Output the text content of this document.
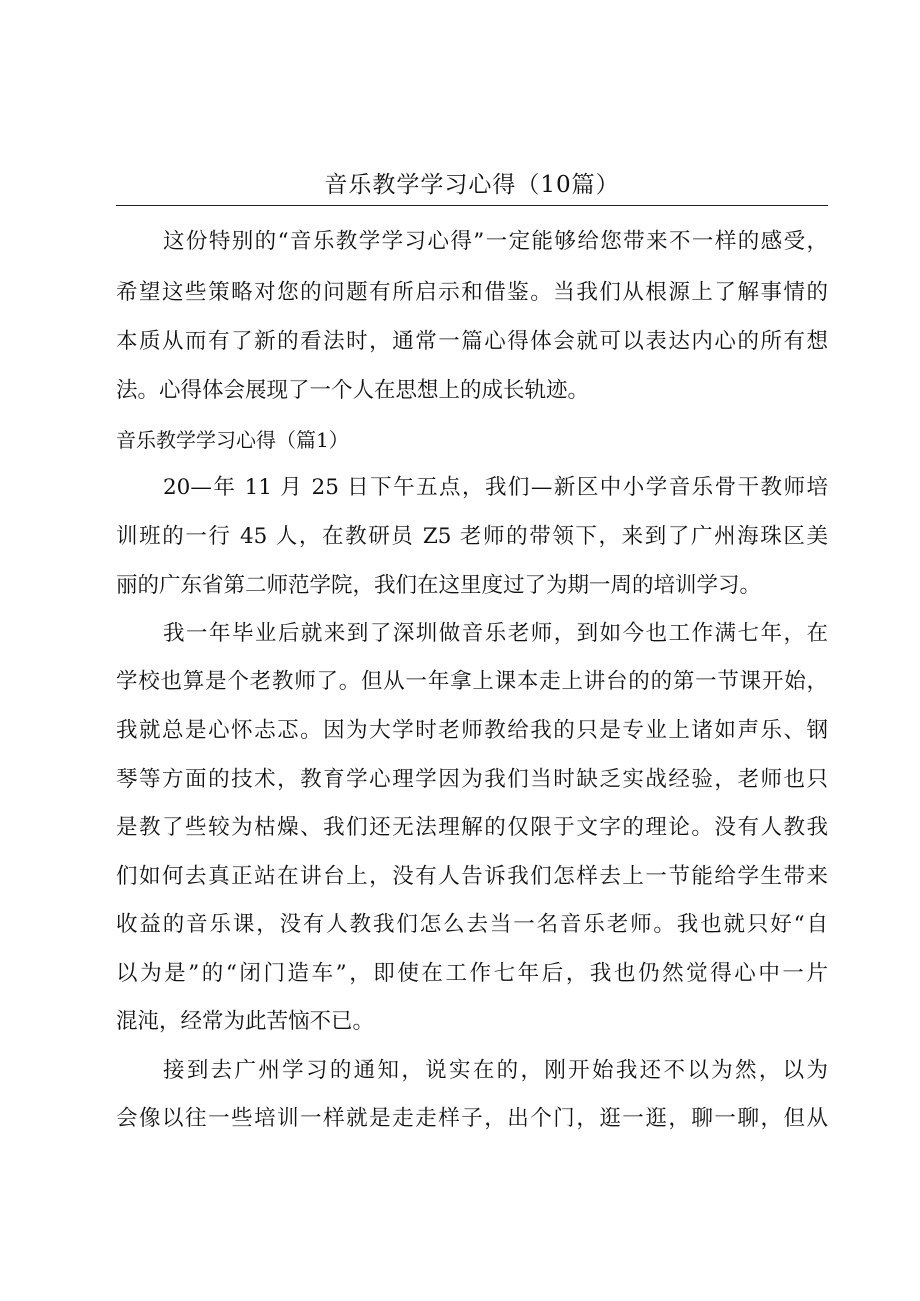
音乐教学学习心得（10篇）
这份特别的“音乐教学学习心得”一定能够给您带来不一样的感受，
希望这些策略对您的问题有所启示和借鉴。当我们从根源上了解事情的
本质从而有了新的看法时，通常一篇心得体会就可以表达内心的所有想
法。心得体会展现了一个人在思想上的成长轨迹。
音乐教学学习心得（篇1）
20—年 11 月 25 日下午五点，我们—新区中小学音乐骨干教师培
训班的一行 45 人，在教研员 Z5 老师的带领下，来到了广州海珠区美
丽的广东省第二师范学院，我们在这里度过了为期一周的培训学习。
我一年毕业后就来到了深圳做音乐老师，到如今也工作满七年，在
学校也算是个老教师了。但从一年拿上课本走上讲台的的第一节课开始，
我就总是心怀忐忑。因为大学时老师教给我的只是专业上诸如声乐、钢
琴等方面的技术，教育学心理学因为我们当时缺乏实战经验，老师也只
是教了些较为枯燥、我们还无法理解的仅限于文字的理论。没有人教我
们如何去真正站在讲台上，没有人告诉我们怎样去上一节能给学生带来
收益的音乐课，没有人教我们怎么去当一名音乐老师。我也就只好“自
以为是”的“闭门造车”，即使在工作七年后，我也仍然觉得心中一片
混沌，经常为此苦恼不已。
接到去广州学习的通知，说实在的，刚开始我还不以为然，以为
会像以往一些培训一样就是走走样子，出个门，逛一逛，聊一聊，但从
